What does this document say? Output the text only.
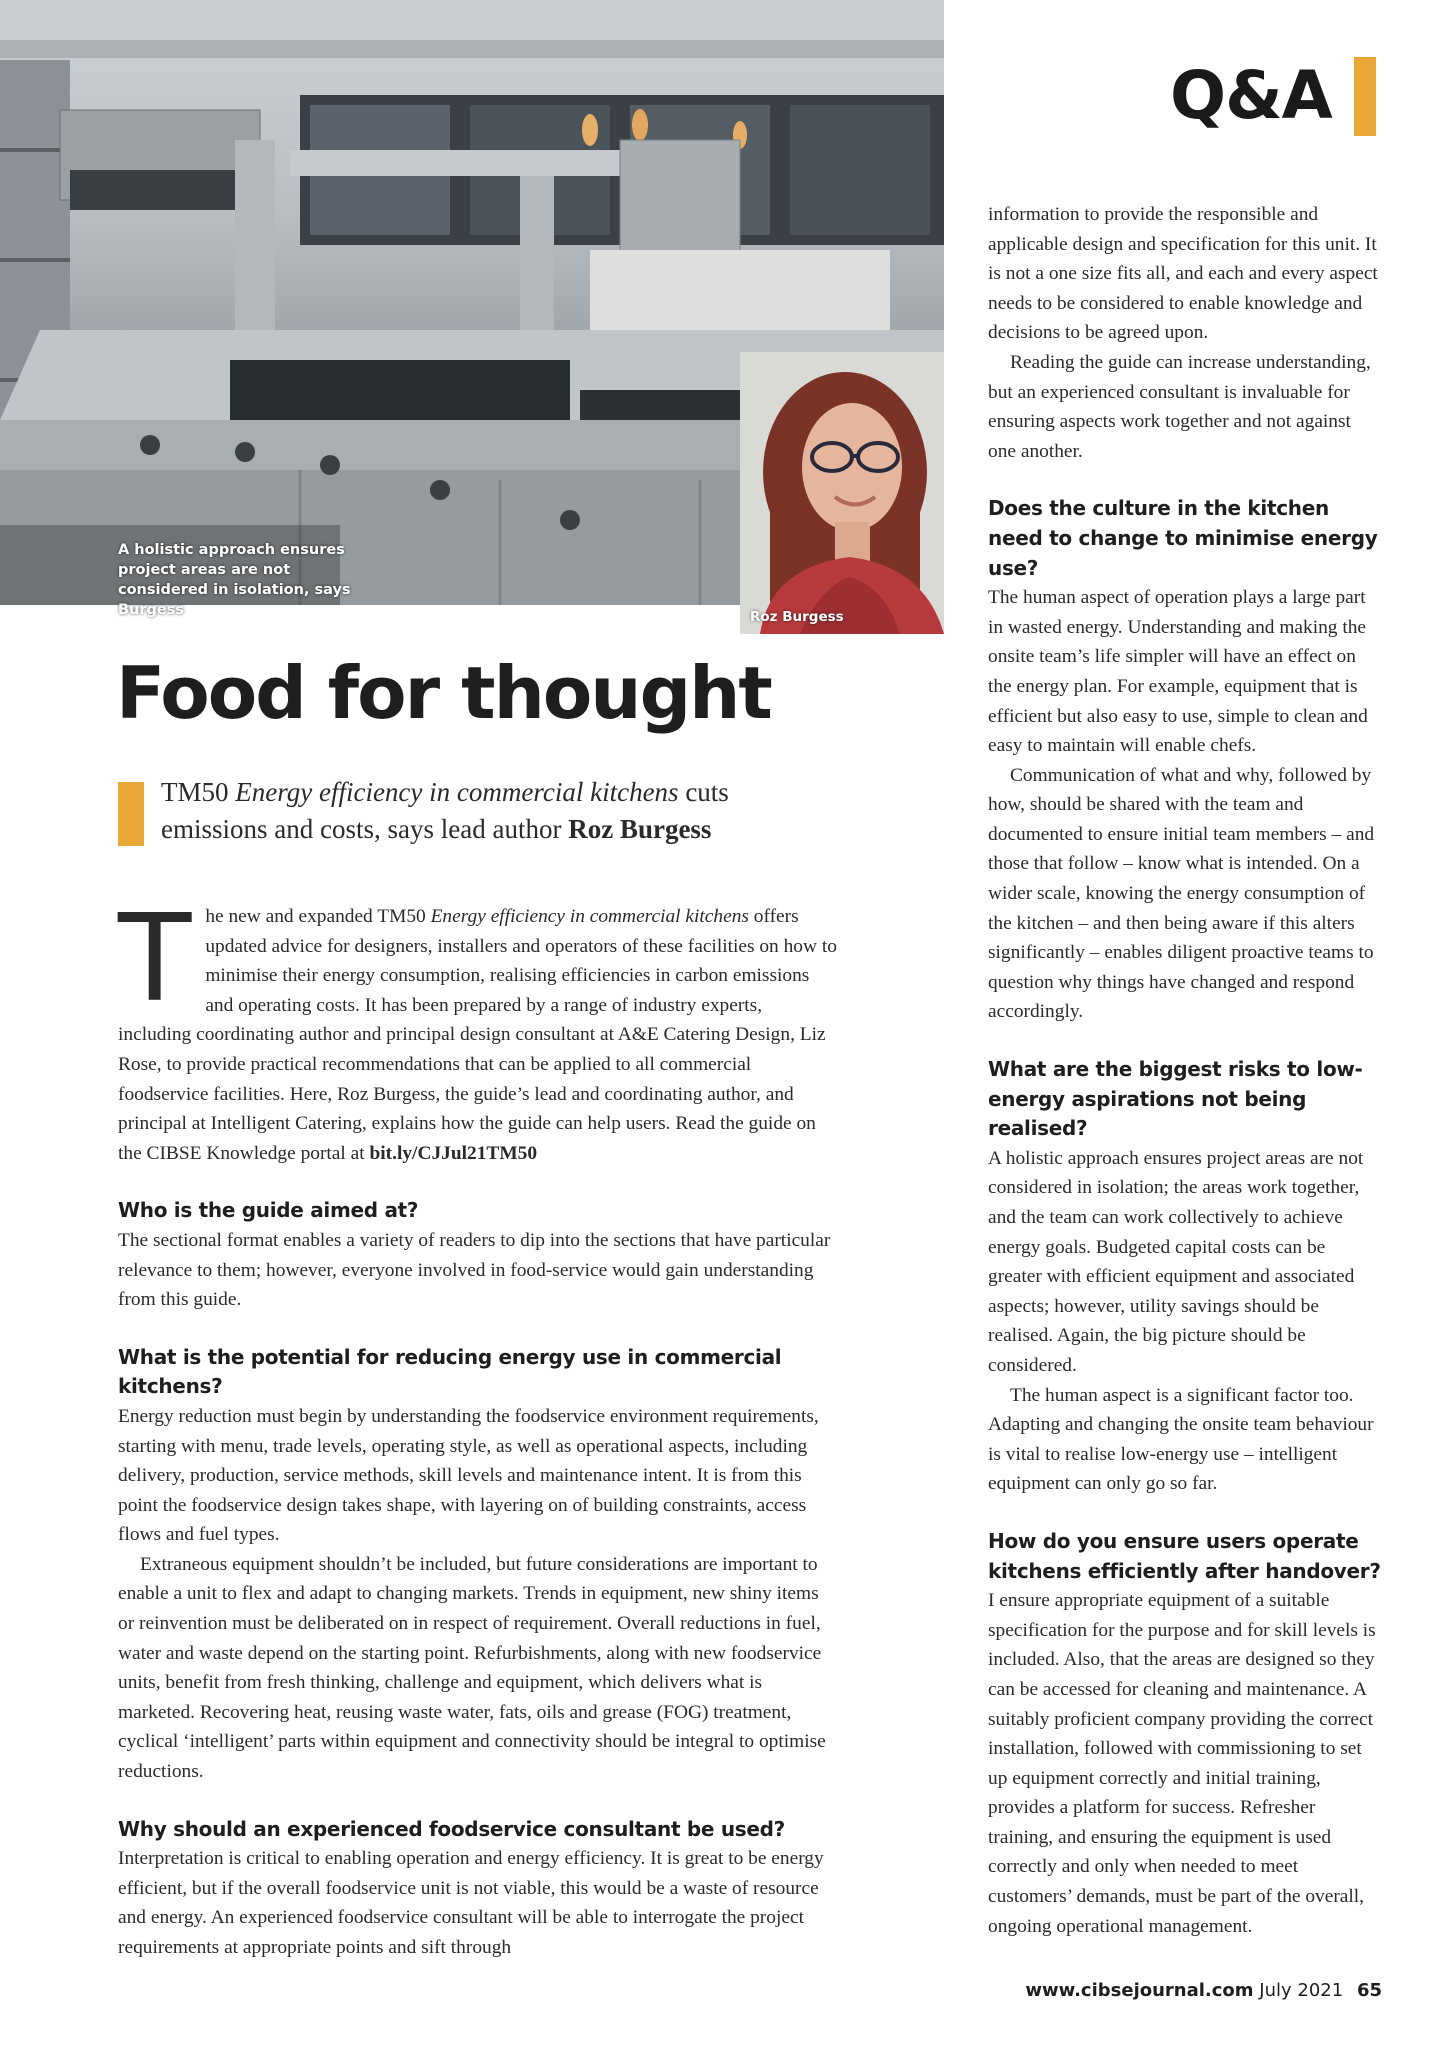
A holistic approach ensures project areas are not considered in isolation, says Burgess	Roz Burgess
Q&A
Food for thought
TM50 Energy efficiency in commercial kitchens cuts emissions and costs, says lead author Roz Burgess

The new and expanded TM50 Energy efficiency in commercial kitchens offers updated advice for designers, installers and operators of these facilities on how to minimise their energy consumption, realising efficiencies in carbon emissions and operating costs. It has been prepared by a range of industry experts, including coordinating author and principal design consultant at A&E Catering Design, Liz Rose, to provide practical recommendations that can be applied to all commercial foodservice facilities. Here, Roz Burgess, the guide’s lead and coordinating author, and principal at Intelligent Catering, explains how the guide can help users. Read the guide on the CIBSE Knowledge portal at bit.ly/CJJul21TM50

Who is the guide aimed at?

The sectional format enables a variety of readers to dip into the sections that have particular relevance to them; however, everyone involved in food-service would gain understanding from this guide.

What is the potential for reducing energy use in commercial kitchens?

Energy reduction must begin by understanding the foodservice environment requirements, starting with menu, trade levels, operating style, as well as operational aspects, including delivery, production, service methods, skill levels and maintenance intent. It is from this point the foodservice design takes shape, with layering on of building constraints, access flows and fuel types.

Extraneous equipment shouldn’t be included, but future considerations are important to enable a unit to flex and adapt to changing markets. Trends in equipment, new shiny items or reinvention must be deliberated on in respect of requirement. Overall reductions in fuel, water and waste depend on the starting point. Refurbishments, along with new foodservice units, benefit from fresh thinking, challenge and equipment, which delivers what is marketed. Recovering heat, reusing waste water, fats, oils and grease (FOG) treatment, cyclical ‘intelligent’ parts within equipment and connectivity should be integral to optimise reductions.

Why should an experienced foodservice consultant be used?

Interpretation is critical to enabling operation and energy efficiency. It is great to be energy efficient, but if the overall foodservice unit is not viable, this would be a waste of resource and energy. An experienced foodservice consultant will be able to interrogate the project requirements at appropriate points and sift through

information to provide the responsible and applicable design and specification for this unit. It is not a one size fits all, and each and every aspect needs to be considered to enable knowledge and decisions to be agreed upon.

Reading the guide can increase understanding, but an experienced consultant is invaluable for ensuring aspects work together and not against one another.

Does the culture in the kitchen need to change to minimise energy use?

The human aspect of operation plays a large part in wasted energy. Understanding and making the onsite team’s life simpler will have an effect on the energy plan. For example, equipment that is efficient but also easy to use, simple to clean and easy to maintain will enable chefs.

Communication of what and why, followed by how, should be shared with the team and documented to ensure initial team members – and those that follow – know what is intended. On a wider scale, knowing the energy consumption of the kitchen – and then being aware if this alters significantly – enables diligent proactive teams to question why things have changed and respond accordingly.

What are the biggest risks to low-energy aspirations not being realised?

A holistic approach ensures project areas are not considered in isolation; the areas work together, and the team can work collectively to achieve energy goals. Budgeted capital costs can be greater with efficient equipment and associated aspects; however, utility savings should be realised. Again, the big picture should be considered.

The human aspect is a significant factor too. Adapting and changing the onsite team behaviour is vital to realise low-energy use – intelligent equipment can only go so far.

How do you ensure users operate kitchens efficiently after handover?

I ensure appropriate equipment of a suitable specification for the purpose and for skill levels is included. Also, that the areas are designed so they can be accessed for cleaning and maintenance. A suitably proficient company providing the correct installation, followed with commissioning to set up equipment correctly and initial training, provides a platform for success. Refresher training, and ensuring the equipment is used correctly and only when needed to meet customers’ demands, must be part of the overall, ongoing operational management.

www.cibsejournal.com July 2021 65
